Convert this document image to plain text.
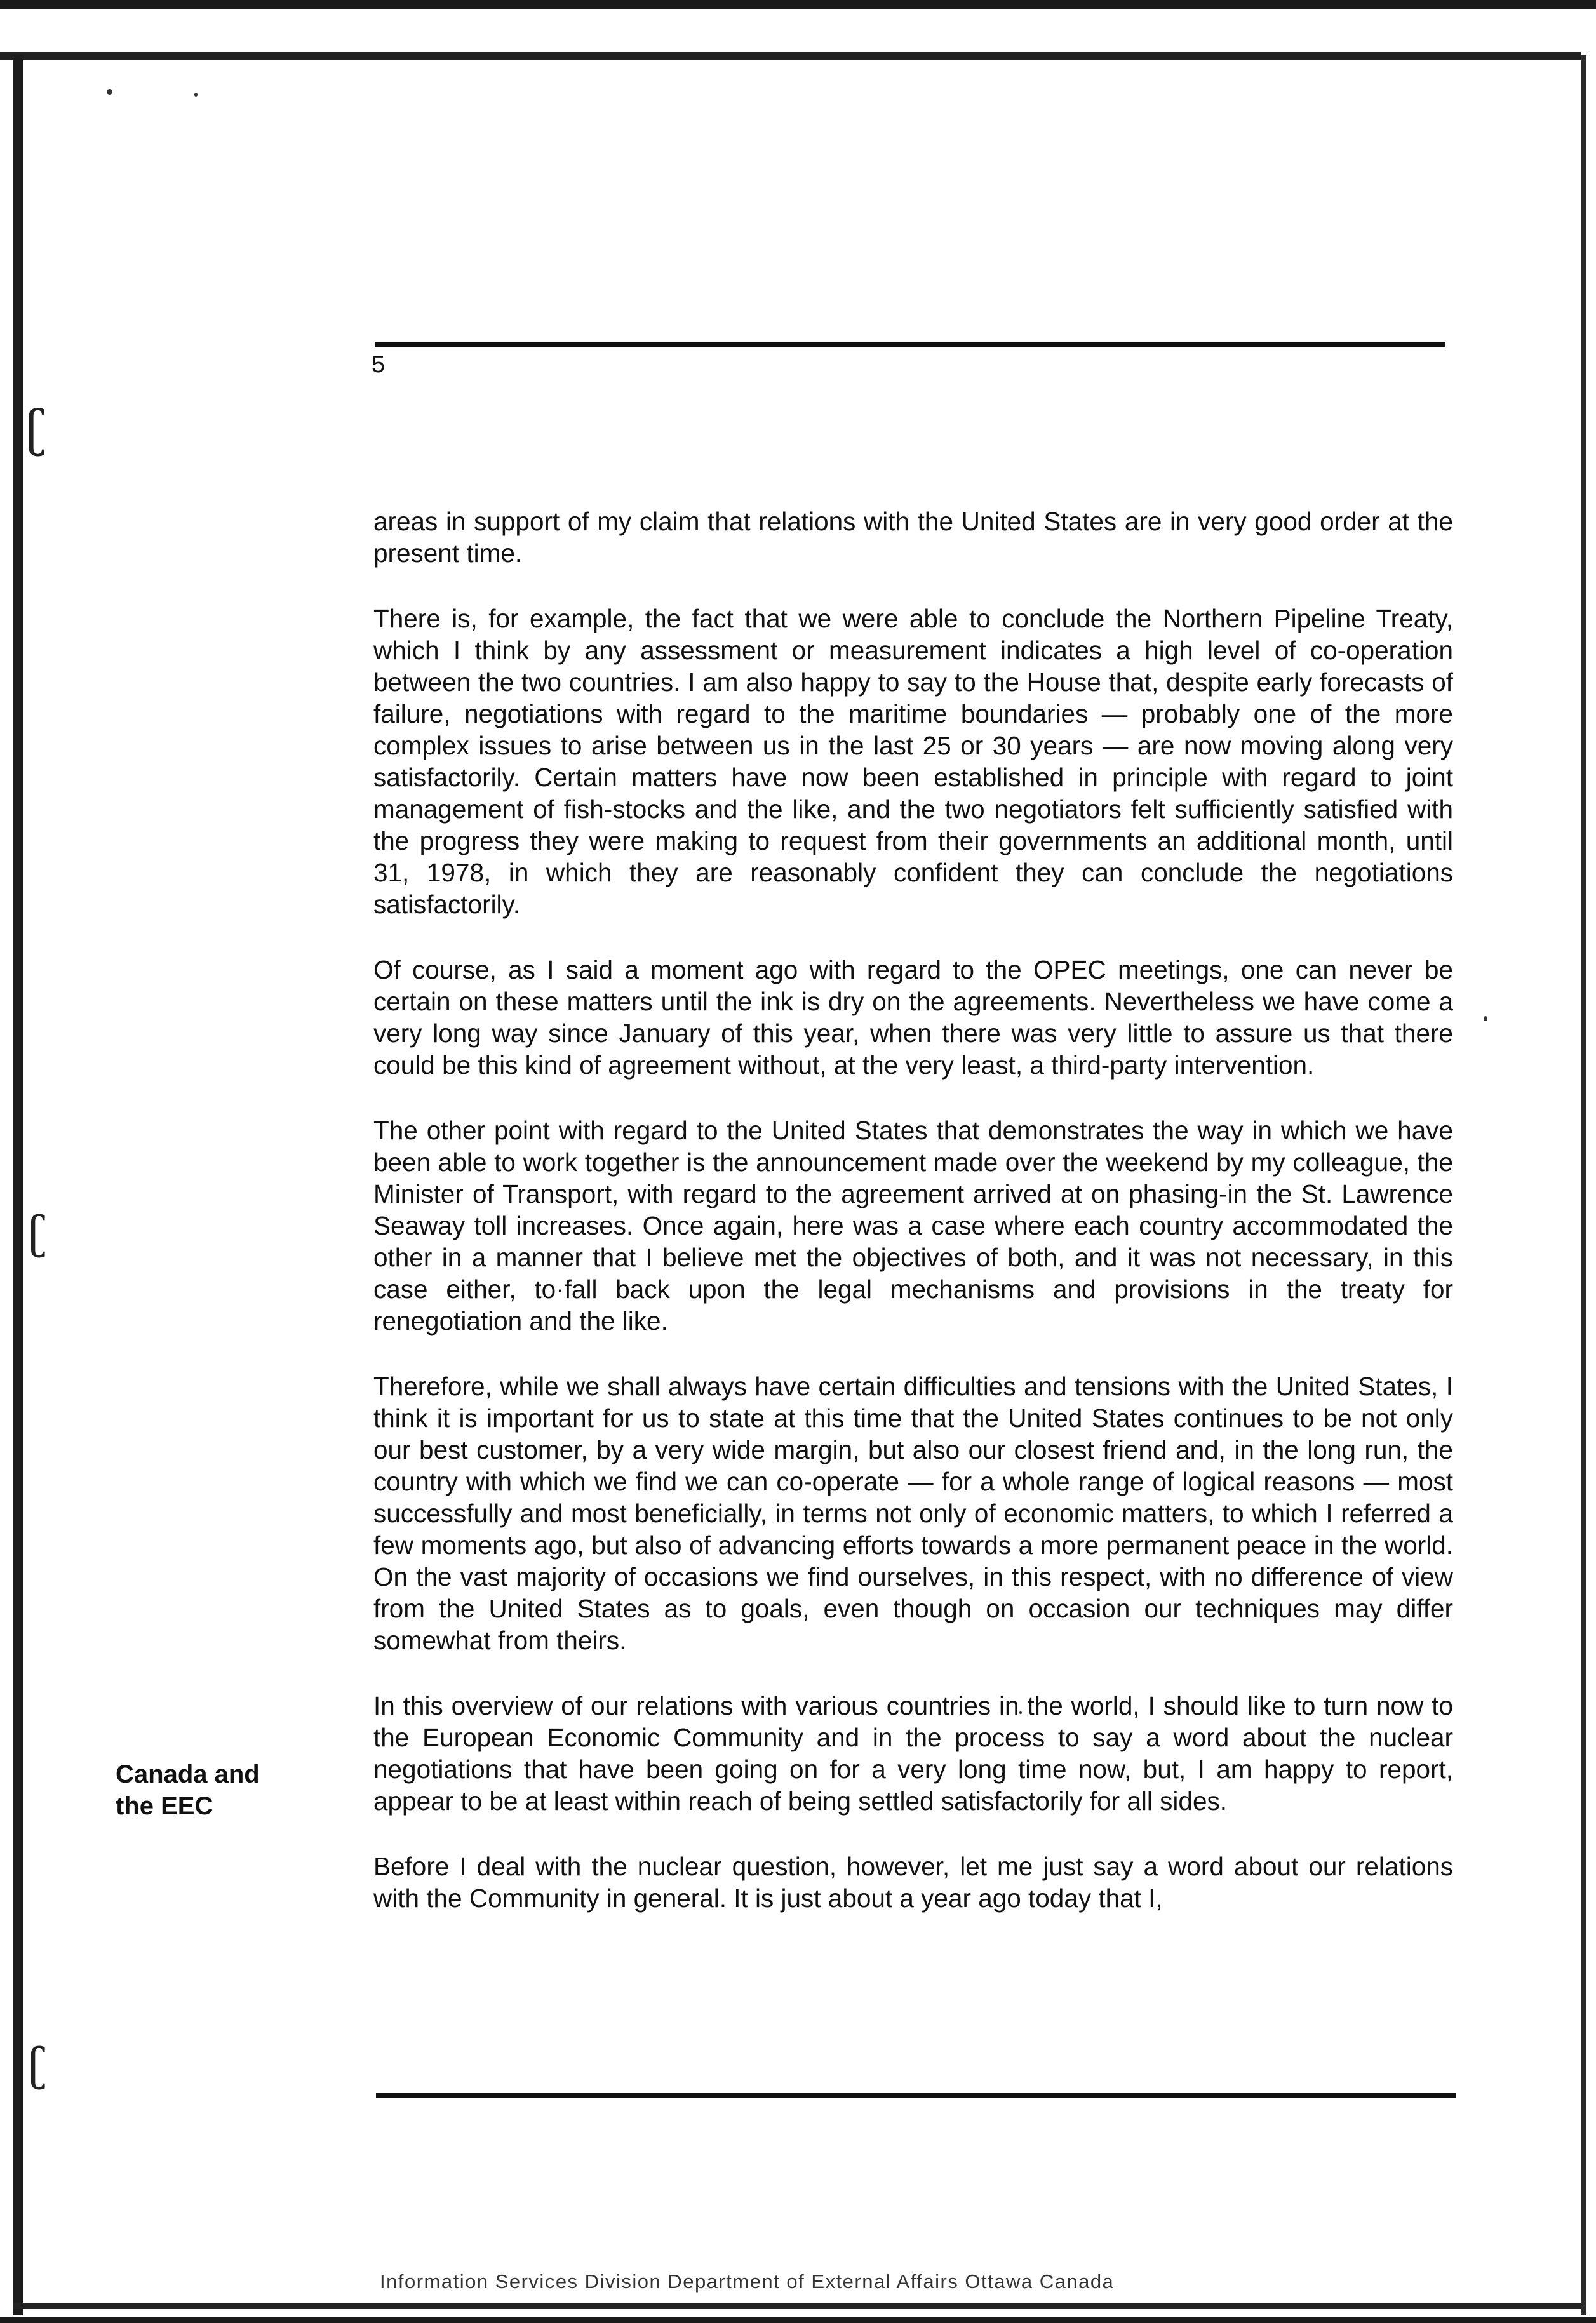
ʗ
ʗ
ʗ
5

areas in support of my claim that relations with the United States are in very good order at the present time.

There is, for example, the fact that we were able to conclude the Northern Pipeline Treaty, which I think by any assessment or measurement indicates a high level of co-operation between the two countries. I am also happy to say to the House that, despite early forecasts of failure, negotiations with regard to the maritime boundaries — probably one of the more complex issues to arise between us in the last 25 or 30 years — are now moving along very satisfactorily. Certain matters have now been established in principle with regard to joint management of fish-stocks and the like, and the two negotiators felt sufficiently satisfied with the progress they were making to request from their governments an additional month, until 31, 1978, in which they are reasonably confident they can conclude the negotiations satisfactorily.

Of course, as I said a moment ago with regard to the OPEC meetings, one can never be certain on these matters until the ink is dry on the agreements. Nevertheless we have come a very long way since January of this year, when there was very little to assure us that there could be this kind of agreement without, at the very least, a third-party intervention.

The other point with regard to the United States that demonstrates the way in which we have been able to work together is the announcement made over the weekend by my colleague, the Minister of Transport, with regard to the agreement arrived at on phasing-in the St. Lawrence Seaway toll increases. Once again, here was a case where each country accommodated the other in a manner that I believe met the objectives of both, and it was not necessary, in this case either, to·fall back upon the legal mechanisms and provisions in the treaty for renegotiation and the like.

Therefore, while we shall always have certain difficulties and tensions with the United States, I think it is important for us to state at this time that the United States continues to be not only our best customer, by a very wide margin, but also our closest friend and, in the long run, the country with which we find we can co-operate — for a whole range of logical reasons — most successfully and most beneficially, in terms not only of economic matters, to which I referred a few moments ago, but also of advancing efforts towards a more permanent peace in the world. On the vast majority of occasions we find ourselves, in this respect, with no difference of view from the United States as to goals, even though on occasion our techniques may differ somewhat from theirs.

In this overview of our relations with various countries in the world, I should like to turn now to the European Economic Community and in the process to say a word about the nuclear negotiations that have been going on for a very long time now, but, I am happy to report, appear to be at least within reach of being settled satisfactorily for all sides.

Before I deal with the nuclear question, however, let me just say a word about our relations with the Community in general. It is just about a year ago today that I,

Canada and
the EEC
Information Services Division Department of External Affairs Ottawa Canada
